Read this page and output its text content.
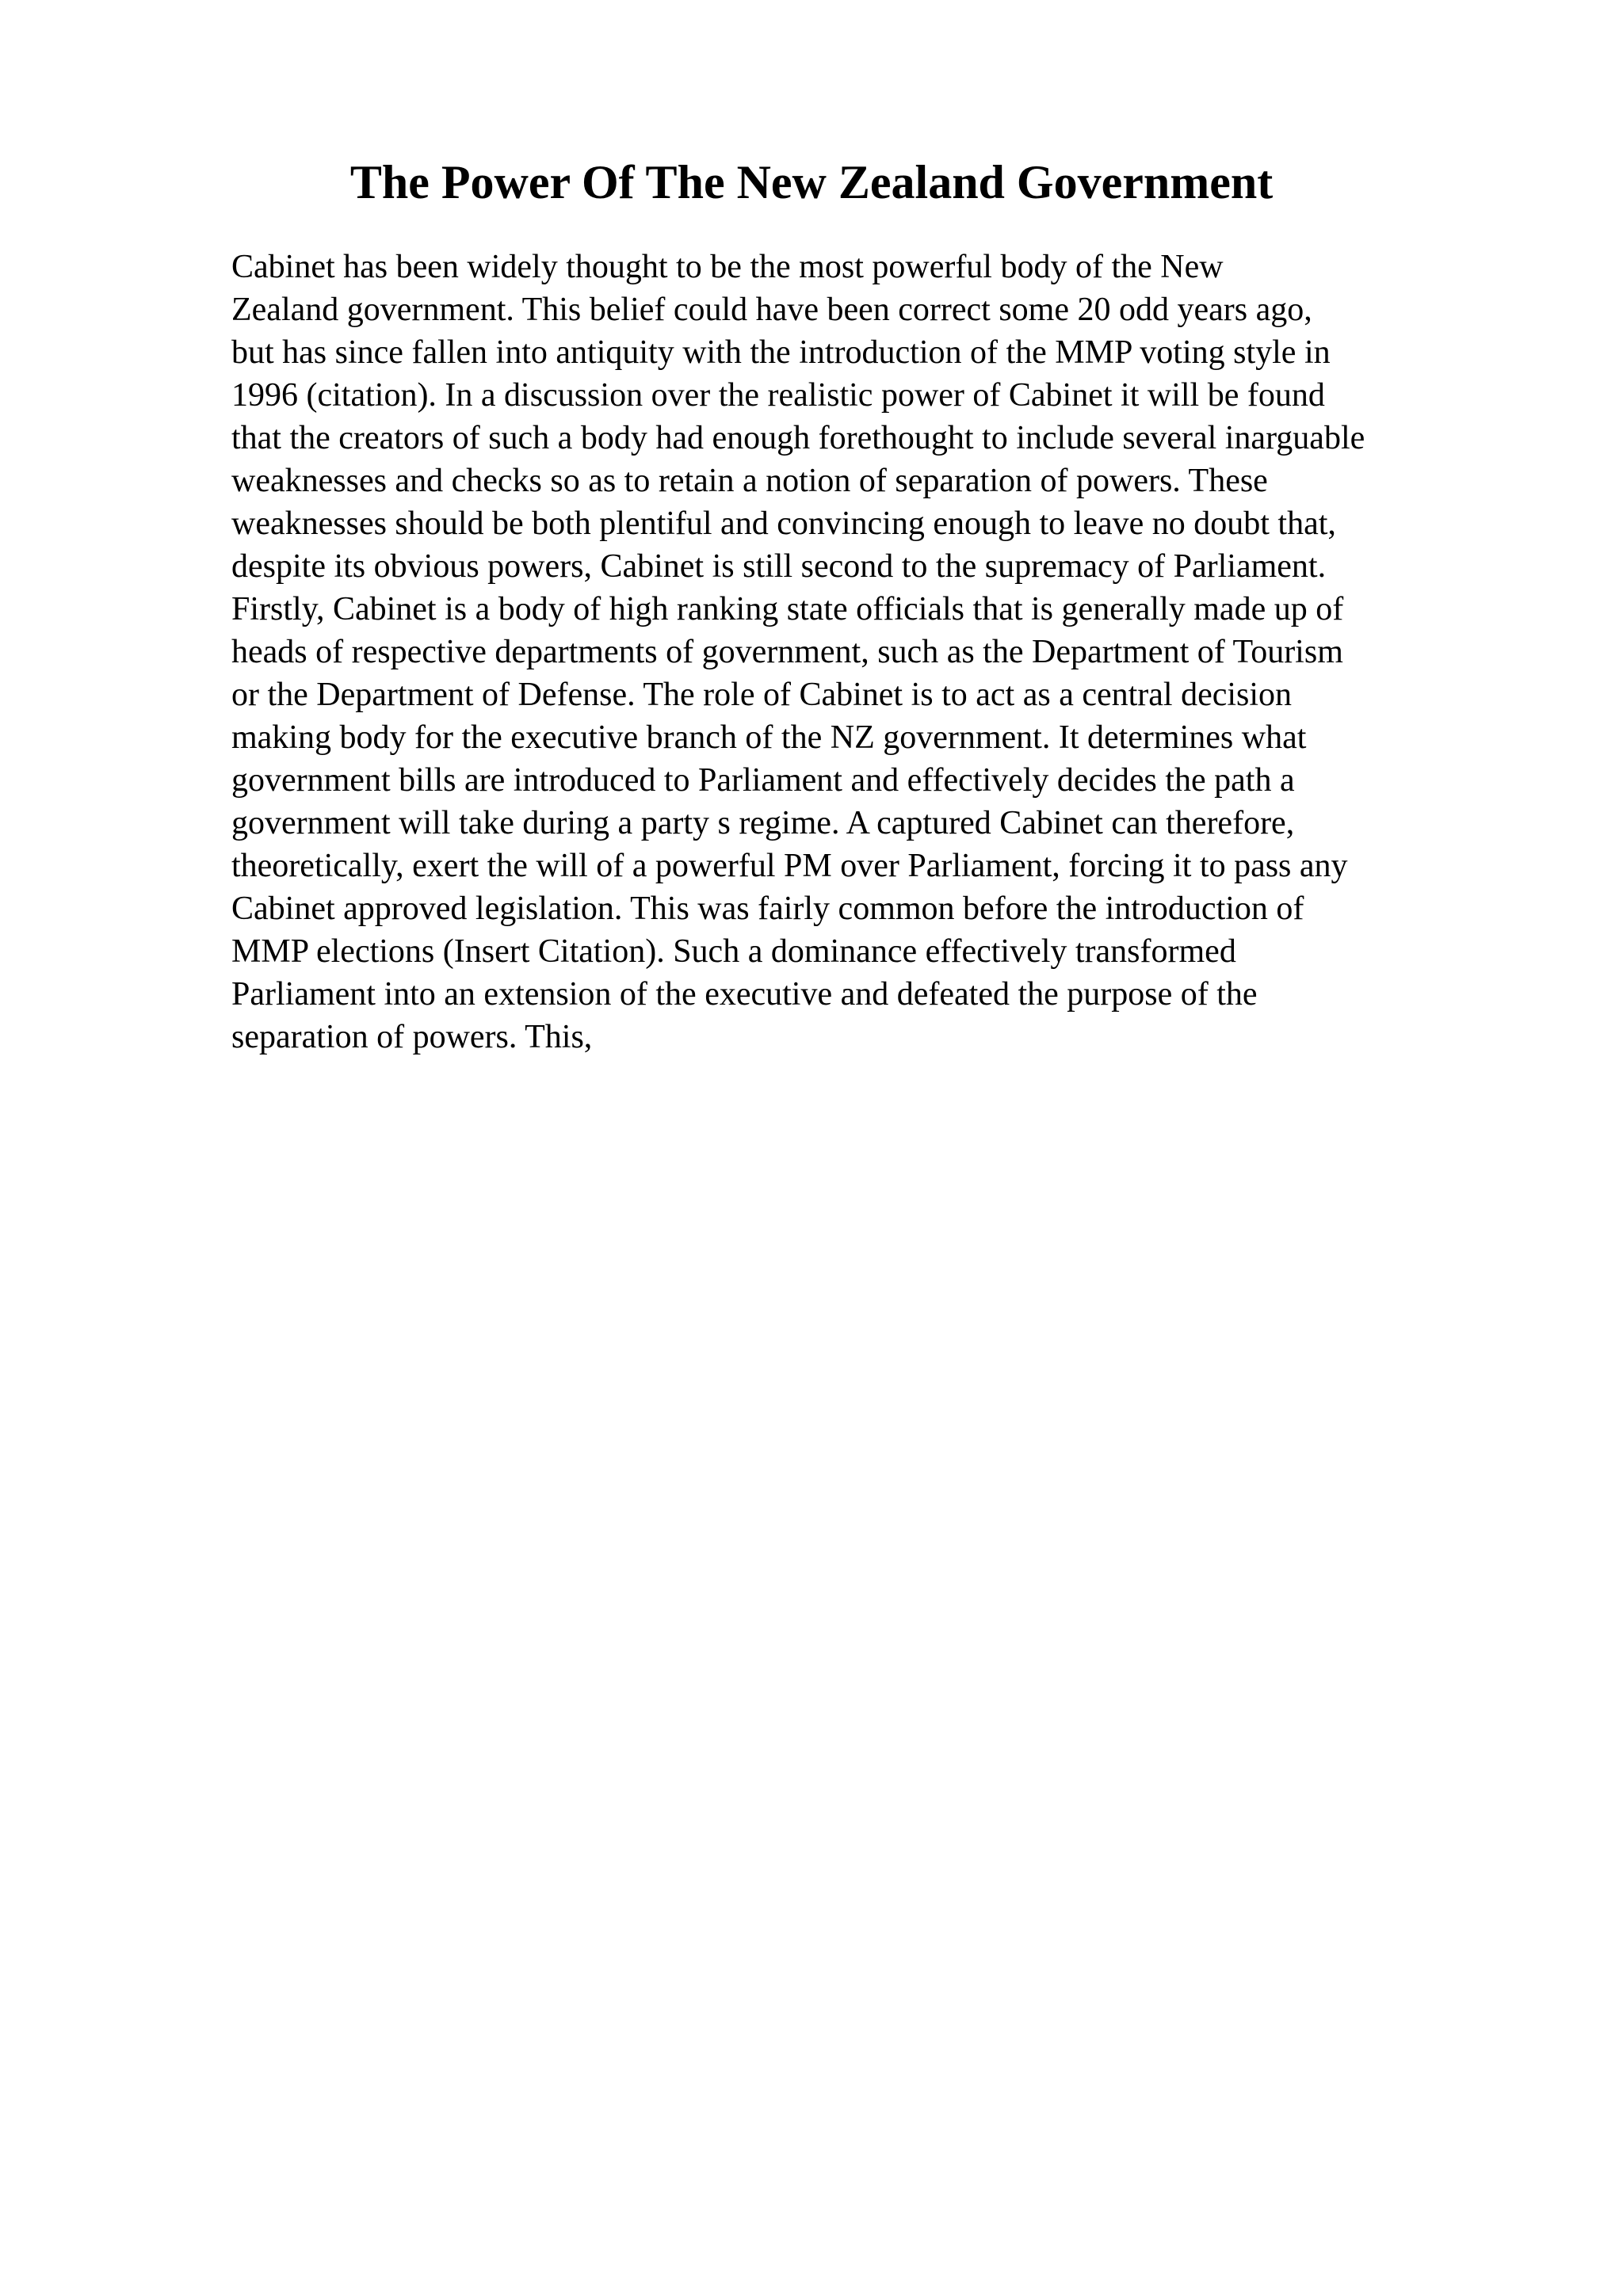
The Power Of The New Zealand Government
Cabinet has been widely thought to be the most powerful body of the New
Zealand government. This belief could have been correct some 20 odd years ago,
but has since fallen into antiquity with the introduction of the MMP voting style in
1996 (citation). In a discussion over the realistic power of Cabinet it will be found
that the creators of such a body had enough forethought to include several inarguable
weaknesses and checks so as to retain a notion of separation of powers. These
weaknesses should be both plentiful and convincing enough to leave no doubt that,
despite its obvious powers, Cabinet is still second to the supremacy of Parliament.
Firstly, Cabinet is a body of high ranking state officials that is generally made up of
heads of respective departments of government, such as the Department of Tourism
or the Department of Defense. The role of Cabinet is to act as a central decision
making body for the executive branch of the NZ government. It determines what
government bills are introduced to Parliament and effectively decides the path a
government will take during a party s regime. A captured Cabinet can therefore,
theoretically, exert the will of a powerful PM over Parliament, forcing it to pass any
Cabinet approved legislation. This was fairly common before the introduction of
MMP elections (Insert Citation). Such a dominance effectively transformed
Parliament into an extension of the executive and defeated the purpose of the
separation of powers. This,
